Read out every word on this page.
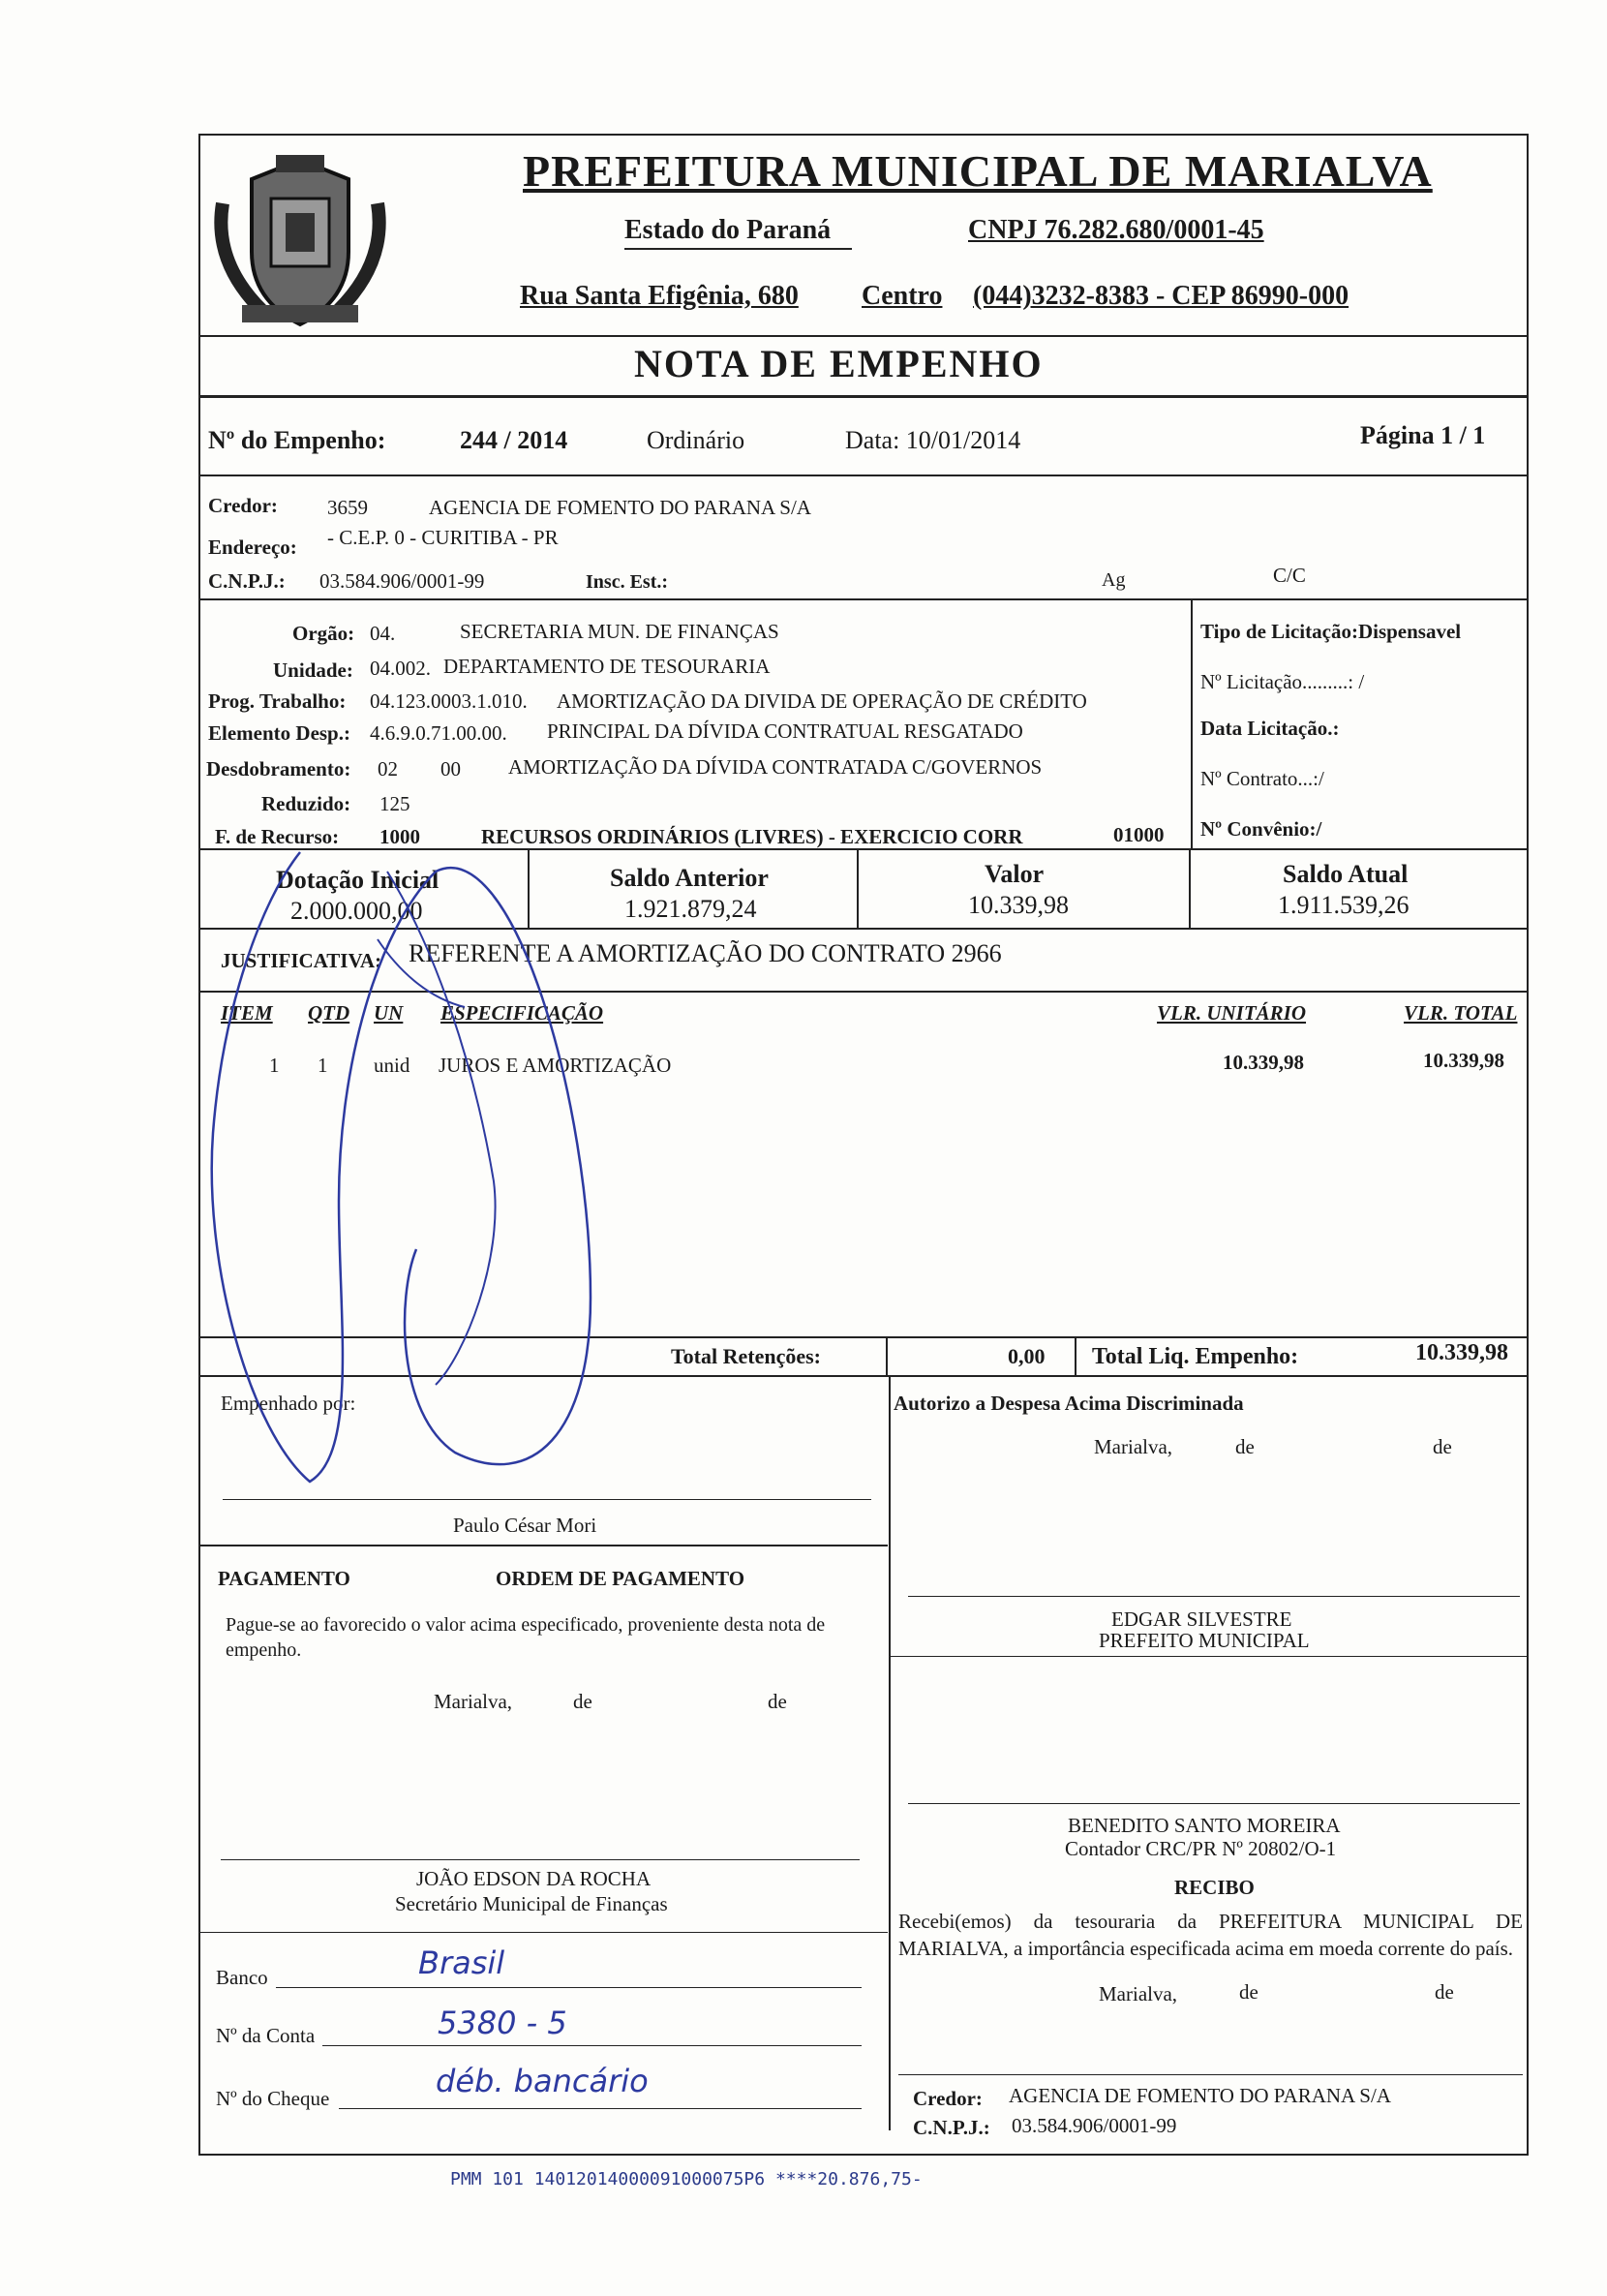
PREFEITURA MUNICIPAL DE MARIALVA
Estado do Paraná	CNPJ 76.282.680/0001-45
Rua Santa Efigênia, 680 Centro (044)3232-8383 - CEP 86990-000
NOTA DE EMPENHO
Nº do Empenho:	244 / 2014	Ordinário	Data: 10/01/2014	Página 1 / 1
Credor: 3659	AGENCIA DE FOMENTO DO PARANA S/A
Endereço: - C.E.P. 0 - CURITIBA - PR
C.N.P.J.: 03.584.906/0001-99	Insc. Est.:	Ag	C/C
Orgão: 04.	SECRETARIA MUN. DE FINANÇAS
Unidade: 04.002. DEPARTAMENTO DE TESOURARIA
Prog. Trabalho: 04.123.0003.1.010. AMORTIZAÇÃO DA DIVIDA DE OPERAÇÃO DE CRÉDITO
Elemento Desp.: 4.6.9.0.71.00.00. PRINCIPAL DA DÍVIDA CONTRATUAL RESGATADO
Desdobramento: 02 00 AMORTIZAÇÃO DA DÍVIDA CONTRATADA C/GOVERNOS
Reduzido: 125
F. de Recurso: 1000	RECURSOS ORDINÁRIOS (LIVRES) - EXERCICIO CORR	01000
Tipo de Licitação:Dispensavel
Nº Licitação.........: /
Data Licitação.:
Nº Contrato...:/
Nº Convênio:/
Dotação Inicial
2.000.000,00
Saldo Anterior
1.921.879,24
Valor
10.339,98
Saldo Atual
1.911.539,26
JUSTIFICATIVA: REFERENTE A AMORTIZAÇÃO DO CONTRATO 2966
ITEM QTD UN ESPECIFICAÇÃO	VLR. UNITÁRIO	VLR. TOTAL
1 1 unid JUROS E AMORTIZAÇÃO	10.339,98	10.339,98
Total Retenções:	0,00 Total Liq. Empenho:	10.339,98
Empenhado por:
Paulo César Mori
Autorizo a Despesa Acima Discriminada
Marialva,	de	de
PAGAMENTO	ORDEM DE PAGAMENTO
Pague-se ao favorecido o valor acima especificado, proveniente desta nota de empenho.
Marialva,	de	de
EDGAR SILVESTRE
PREFEITO MUNICIPAL
BENEDITO SANTO MOREIRA
Contador CRC/PR Nº 20802/O-1
JOÃO EDSON DA ROCHA
Secretário Municipal de Finanças
RECIBO
Recebi(emos) da tesouraria da PREFEITURA MUNICIPAL DE MARIALVA, a importância especificada acima em moeda corrente do país.
Marialva,	de	de
Credor: AGENCIA DE FOMENTO DO PARANA S/A
C.N.P.J.: 03.584.906/0001-99
Banco	Brasil
Nº da Conta	5380 - 5
Nº do Cheque	déb. bancário
PMM 101 14012014000091000075P6 ****20.876,75-
